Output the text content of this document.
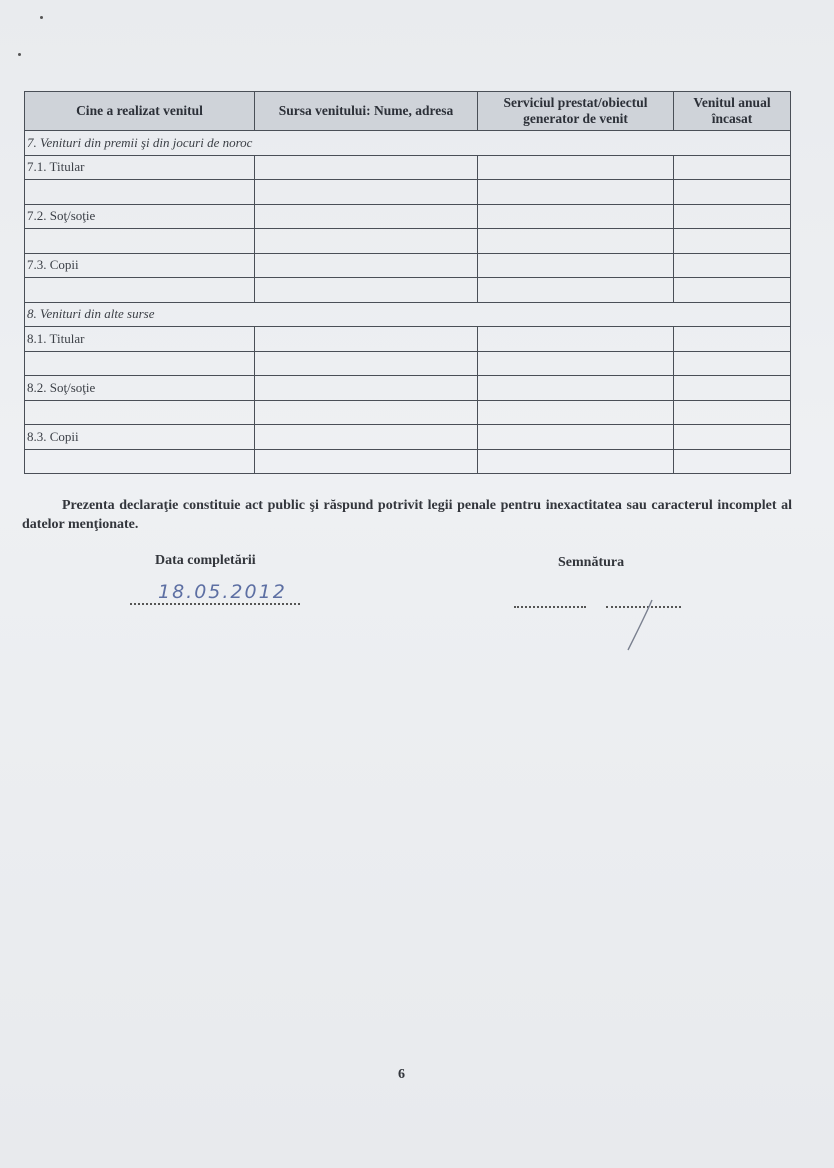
Cine a realizat venitul	Sursa venitului: Nume, adresa	Serviciul prestat/obiectul generator de venit	Venitul anual încasat
7. Venituri din premii şi din jocuri de noroc			
7.1. Titular			

7.2. Soţ/soţie			

7.3. Copii			

8. Venituri din alte surse			
8.1. Titular			

8.2. Soţ/soţie			

8.3. Copii			

Prezenta declaraţie constituie act public şi răspund potrivit legii penale pentru inexactitatea sau caracterul incomplet al datelor menţionate.
Data completării
18.05.2012
Semnătura
6
